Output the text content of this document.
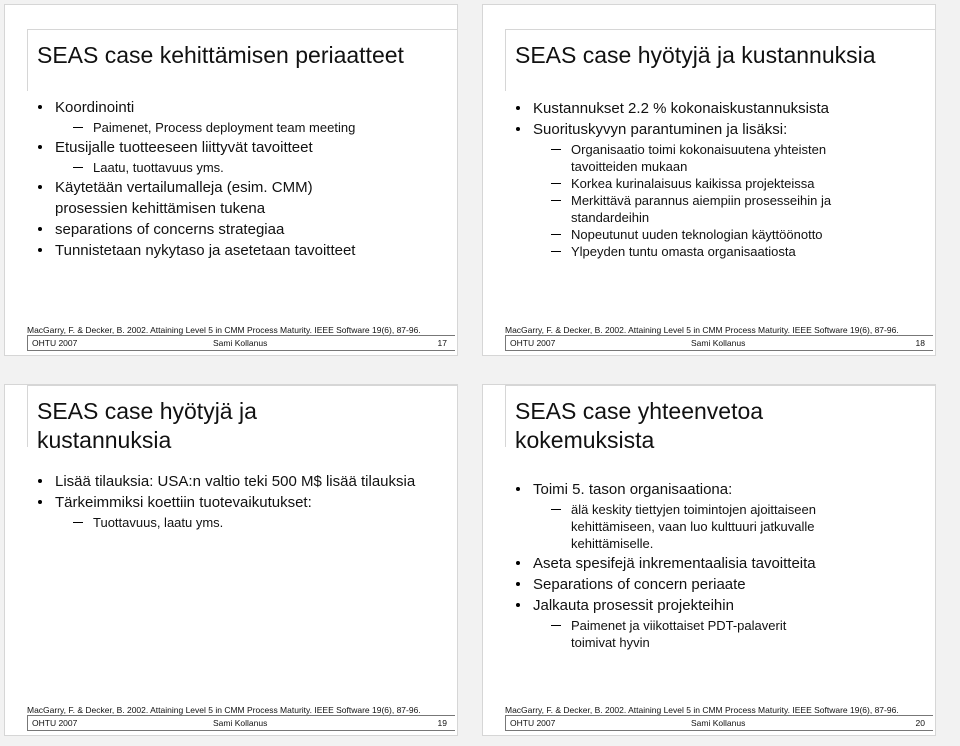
SEAS case kehittämisen periaatteet
Koordinointi
Paimenet, Process deployment team meeting
Etusijalle tuotteeseen liittyvät tavoitteet
Laatu, tuottavuus yms.
Käytetään vertailumalleja (esim. CMM) prosessien kehittämisen tukena
separations of concerns strategiaa
Tunnistetaan nykytaso ja asetetaan tavoitteet

MacGarry, F. & Decker, B. 2002. Attaining Level 5 in CMM Process Maturity. IEEE Software 19(6), 87-96.

OHTU 2007	Sami Kollanus	17
SEAS case hyötyjä ja kustannuksia
Kustannukset 2.2 % kokonaiskustannuksista
Suorituskyvyn parantuminen ja lisäksi:
Organisaatio toimi kokonaisuutena yhteisten tavoitteiden mukaan
Korkea kurinalaisuus kaikissa projekteissa
Merkittävä parannus aiempiin prosesseihin ja standardeihin
Nopeutunut uuden teknologian käyttöönotto
Ylpeyden tuntu omasta organisaatiosta

MacGarry, F. & Decker, B. 2002. Attaining Level 5 in CMM Process Maturity. IEEE Software 19(6), 87-96.

OHTU 2007	Sami Kollanus	18
SEAS case hyötyjä ja
kustannuksia
Lisää tilauksia: USA:n valtio teki 500 M$ lisää tilauksia
Tärkeimmiksi koettiin tuotevaikutukset:
Tuottavuus, laatu yms.

MacGarry, F. & Decker, B. 2002. Attaining Level 5 in CMM Process Maturity. IEEE Software 19(6), 87-96.

OHTU 2007	Sami Kollanus	19
SEAS case yhteenvetoa
kokemuksista
Toimi 5. tason organisaationa:
älä keskity tiettyjen toimintojen ajoittaiseen kehittämiseen, vaan luo kulttuuri jatkuvalle kehittämiselle.
Aseta spesifejä inkrementaalisia tavoitteita
Separations of concern periaate
Jalkauta prosessit projekteihin
Paimenet ja viikottaiset PDT-palaverit toimivat hyvin

MacGarry, F. & Decker, B. 2002. Attaining Level 5 in CMM Process Maturity. IEEE Software 19(6), 87-96.

OHTU 2007	Sami Kollanus	20
